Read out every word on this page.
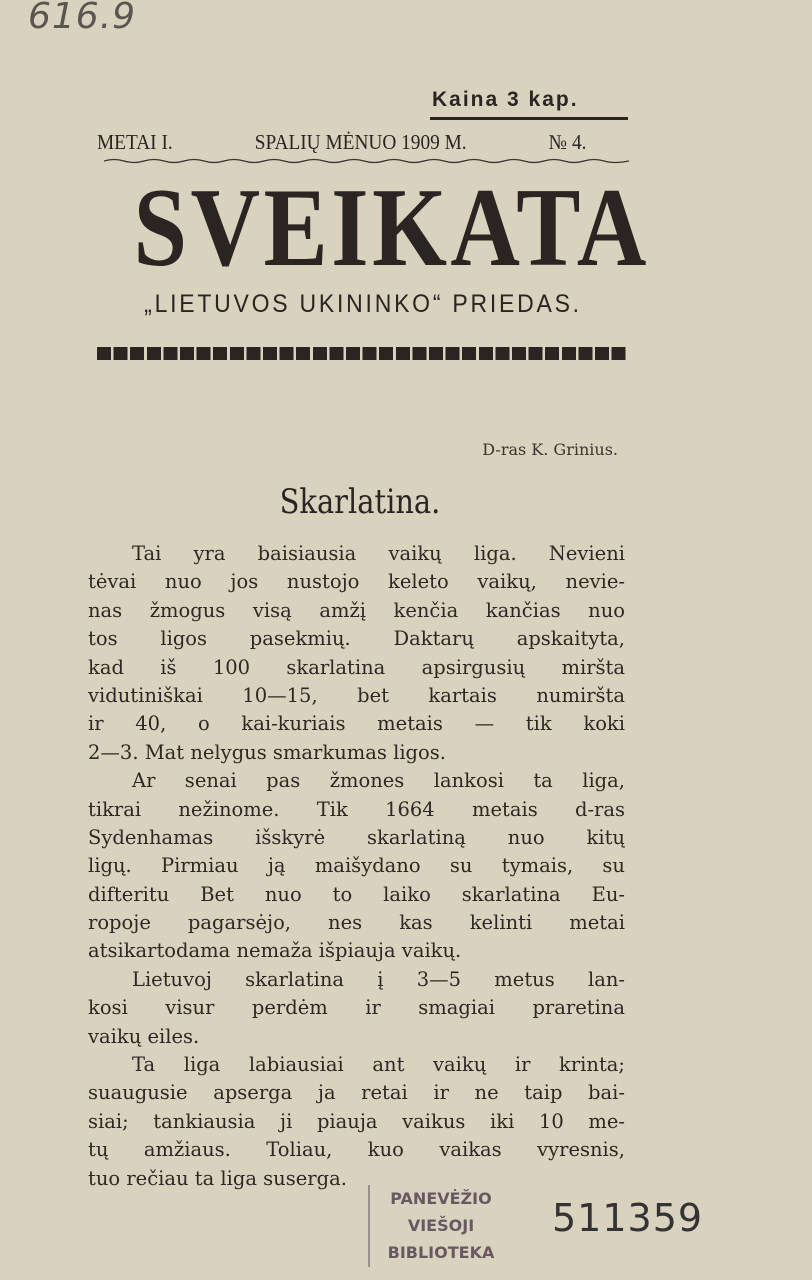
616.9
Kaina 3 kap.
METAI I.	SPALIŲ MĖNUO 1909 M.	№ 4.
SVEIKATA
„LIETUVOS UKININKO“ PRIEDAS.
D-ras K. Grinius.
Skarlatina.
Tai yra baisiausia vaikų liga. Nevieni
tėvai nuo jos nustojo keleto vaikų, nevie-
nas žmogus visą amžį kenčia kančias nuo
tos ligos pasekmių. Daktarų apskaityta,
kad iš 100 skarlatina apsirgusių miršta
vidutiniškai 10—15, bet kartais numiršta
ir 40, o kai-kuriais metais — tik koki
2—3. Mat nelygus smarkumas ligos.
Ar senai pas žmones lankosi ta liga,
tikrai nežinome. Tik 1664 metais d-ras
Sydenhamas išskyrė skarlatiną nuo kitų
ligų. Pirmiau ją maišydano su tymais, su
difteritu Bet nuo to laiko skarlatina Eu-
ropoje pagarsėjo, nes kas kelinti metai
atsikartodama nemaža išpiauja vaikų.
Lietuvoj skarlatina į 3—5 metus lan-
kosi visur perdėm ir smagiai praretina
vaikų eiles.
Ta liga labiausiai ant vaikų ir krinta;
suaugusie apserga ja retai ir ne taip bai-
siai; tankiausia ji piauja vaikus iki 10 me-
tų amžiaus. Toliau, kuo vaikas vyresnis,
tuo rečiau ta liga suserga.
PANEVĖŽIO
VIEŠOJI
BIBLIOTEKA
511359
